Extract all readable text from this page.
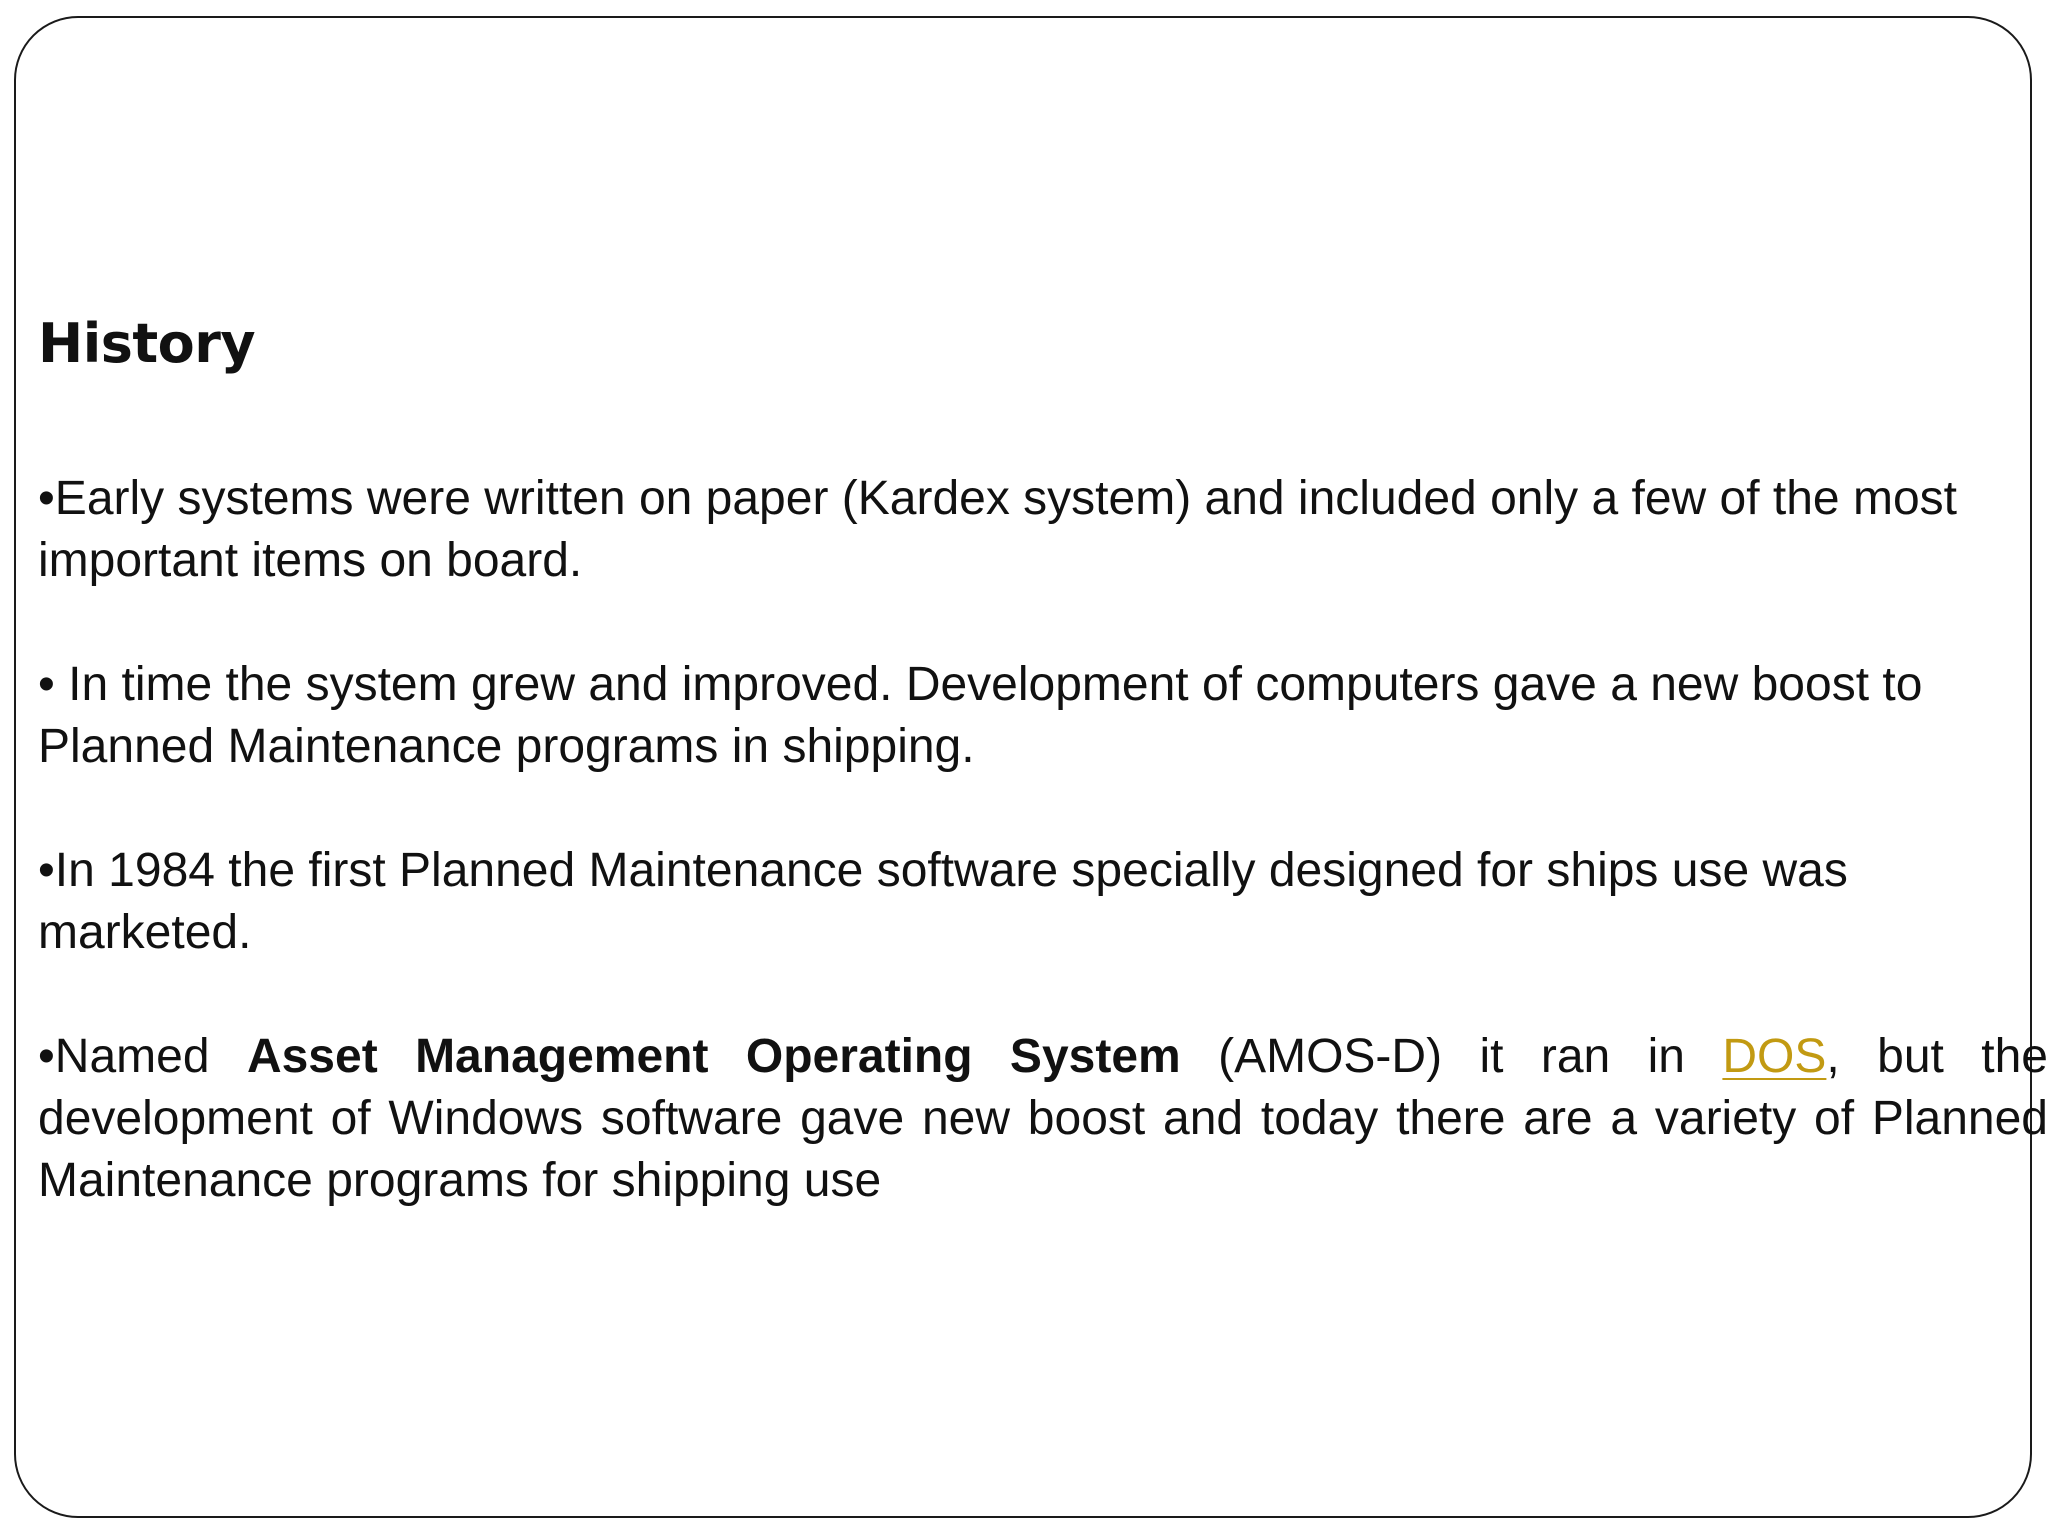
History

•Early systems were written on paper (Kardex system) and included only a few of the most important items on board.

• In time the system grew and improved. Development of computers gave a new boost to Planned Maintenance programs in shipping.

•In 1984 the first Planned Maintenance software specially designed for ships use was marketed.

•Named Asset Management Operating System (AMOS-D) it ran in DOS, but the development of Windows software gave new boost and today there are a variety of Planned Maintenance programs for shipping use
